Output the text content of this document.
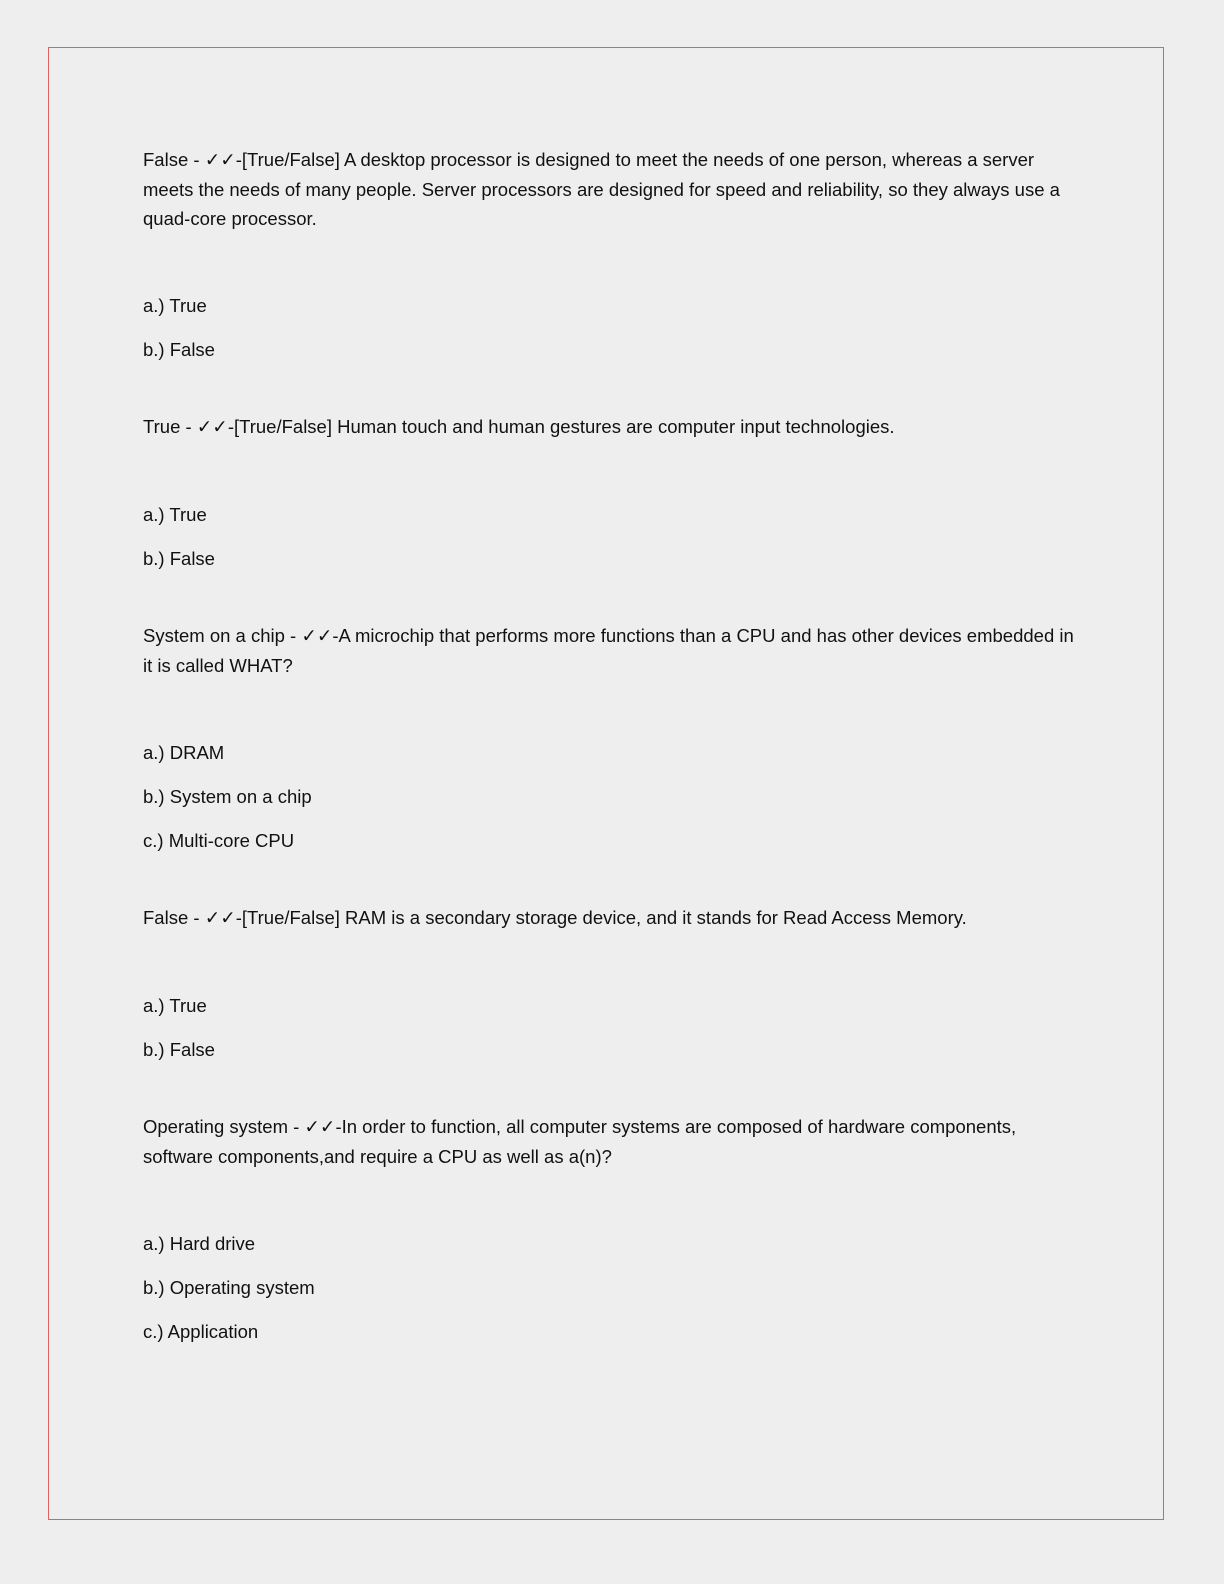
False - ✓✓-[True/False] A desktop processor is designed to meet the needs of one person, whereas a server meets the needs of many people. Server processors are designed for speed and reliability, so they always use a quad-core processor.

a.) True

b.) False

True - ✓✓-[True/False] Human touch and human gestures are computer input technologies.

a.) True

b.) False

System on a chip - ✓✓-A microchip that performs more functions than a CPU and has other devices embedded in it is called WHAT?

a.) DRAM

b.) System on a chip

c.) Multi-core CPU

False - ✓✓-[True/False] RAM is a secondary storage device, and it stands for Read Access Memory.

a.) True

b.) False

Operating system - ✓✓-In order to function, all computer systems are composed of hardware components, software components,and require a CPU as well as a(n)?

a.) Hard drive

b.) Operating system

c.) Application
